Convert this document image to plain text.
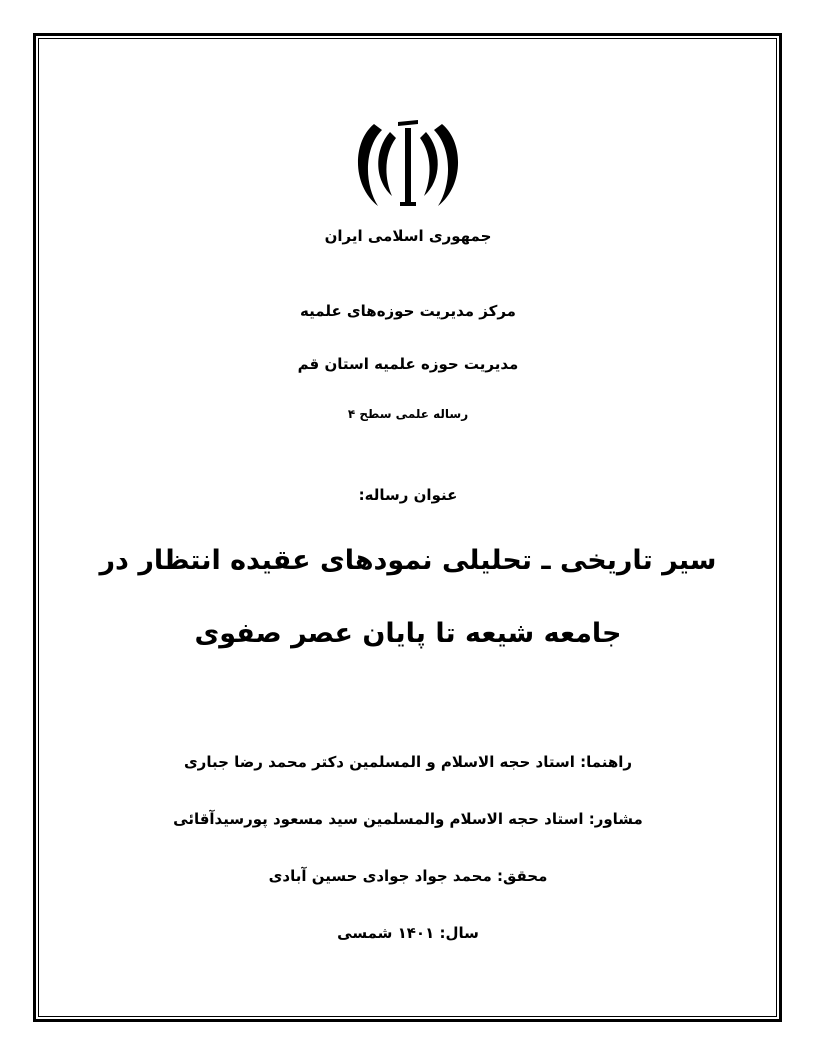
جمهوری اسلامی ایران
مرکز مدیریت حوزه‌های علمیه
مدیریت حوزه علمیه استان قم
رساله علمی سطح ۴
عنوان رساله:
سیر تاریخی ـ تحلیلی نمودهای عقیده انتظار در
جامعه شیعه تا پایان عصر صفوی
راهنما: استاد حجه الاسلام و المسلمین دکتر محمد رضا جباری
مشاور: استاد حجه الاسلام والمسلمین سید مسعود پورسیدآقائی
محقق: محمد جواد جوادی حسین آبادی
سال: ۱۴۰۱ شمسی
